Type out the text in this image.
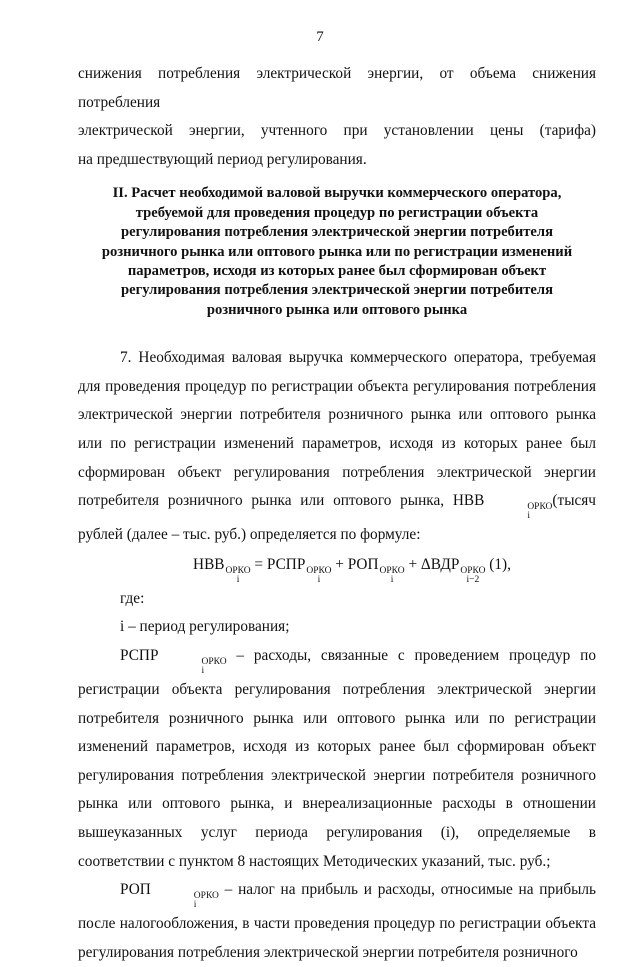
7

снижения потребления электрической энергии, от объема снижения потребления

электрической энергии, учтенного при установлении цены (тарифа)

на предшествующий период регулирования.

II. Расчет необходимой валовой выручки коммерческого оператора,
требуемой для проведения процедур по регистрации объекта
регулирования потребления электрической энергии потребителя
розничного рынка или оптового рынка или по регистрации изменений
параметров, исходя из которых ранее был сформирован объект
регулирования потребления электрической энергии потребителя
розничного рынка или оптового рынка

7. Необходимая валовая выручка коммерческого оператора, требуемая для проведения процедур по регистрации объекта регулирования потребления электрической энергии потребителя розничного рынка или оптового рынка или по регистрации изменений параметров, исходя из которых ранее был сформирован объект регулирования потребления электрической энергии потребителя розничного рынка или оптового рынка, НВВ	ОРКО
i
(тысяч рублей (далее – тыс. руб.) определяется по формуле:

НВВ ОРКО
i
= РСПР ОРКО
i
+ РОП ОРКО
i
+ ΔВДР ОРКО
i−2
(1),

где:

i – период регулирования;

РСПР	ОРКО
i
– расходы, связанные с проведением процедур по регистрации объекта регулирования потребления электрической энергии потребителя розничного рынка или оптового рынка или по регистрации изменений параметров, исходя из которых ранее был сформирован объект регулирования потребления электрической энергии потребителя розничного рынка или оптового рынка, и внереализационные расходы в отношении вышеуказанных услуг периода регулирования (i), определяемые в соответствии с пунктом 8 настоящих Методических указаний, тыс. руб.;

РОП	ОРКО
i
– налог на прибыль и расходы, относимые на прибыль после налогообложения, в части проведения процедур по регистрации объекта регулирования потребления электрической энергии потребителя розничного
